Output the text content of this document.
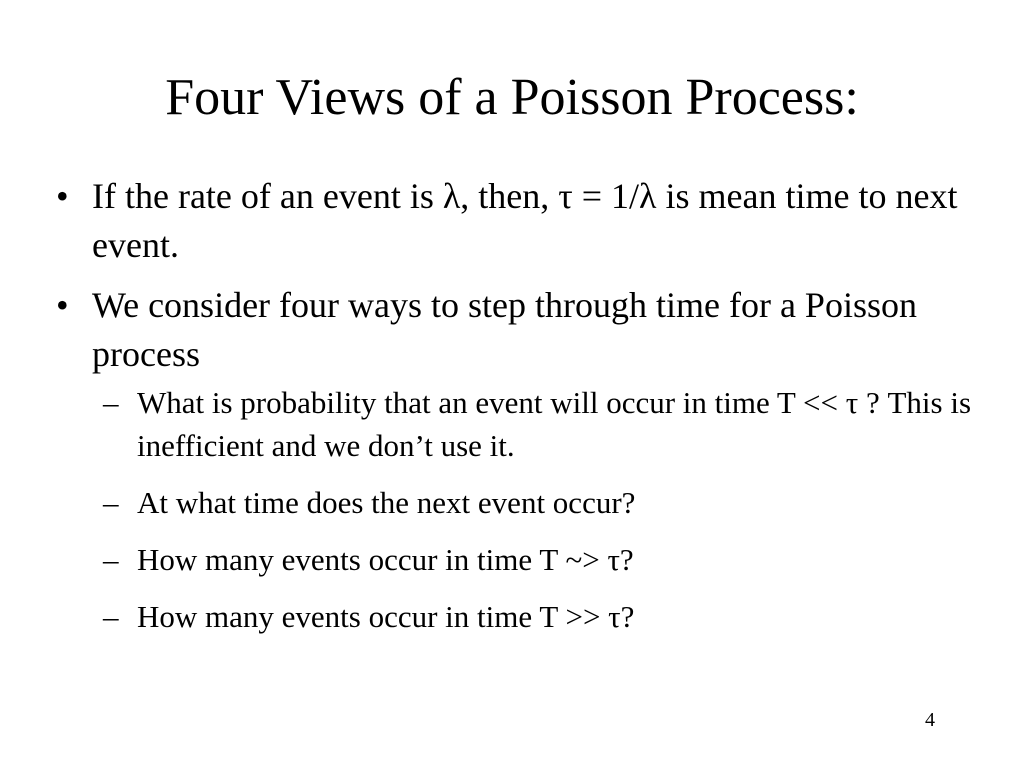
Four Views of a Poisson Process:
• If the rate of an event is λ, then, τ = 1/λ is mean time to next event.
• We consider four ways to step through time for a Poisson process
– What is probability that an event will occur in time T << τ ? This is inefficient and we don’t use it.
– At what time does the next event occur?
– How many events occur in time T ~> τ?
– How many events occur in time T >> τ?
4
